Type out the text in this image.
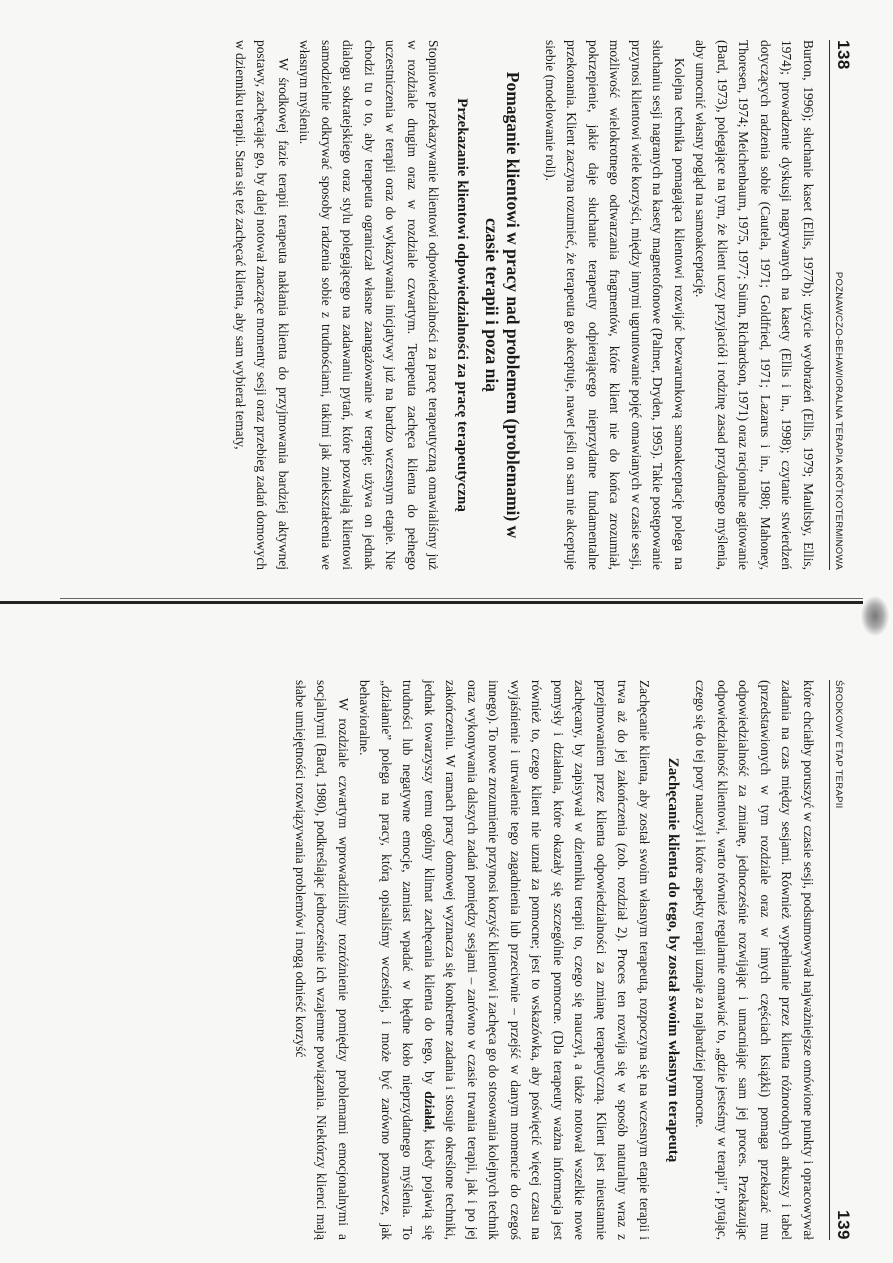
138
POZNAWCZO-BEHAWIORALNA TERAPIA KRÓTKOTERMINOWA

Burton, 1996); słuchanie kaset (Ellis, 1977b); użycie wyobrażeń (Ellis, 1979; Maultsby, Ellis, 1974); prowadzenie dyskusji nagrywanych na kasety (Ellis i in., 1998); czytanie stwierdzeń dotyczących radzenia sobie (Cautela, 1971; Goldfried, 1971; Lazarus i in., 1980; Mahoney, Thoresen, 1974; Meichenbaum, 1975, 1977; Suinn, Richardson, 1971) oraz racjonalne agitowanie (Bard, 1973), polegające na tym, że klient uczy przyjaciół i rodzinę zasad przydatnego myślenia, aby umocnić własny pogląd na samoakceptację.

Kolejna technika pomagająca klientowi rozwijać bezwarunkową samoakceptację polega na słuchaniu sesji nagranych na kasety magnetofonowe (Palmer, Dryden, 1995). Takie postępowanie przynosi klientowi wiele korzyści, między innymi ugruntowanie pojęć omawianych w czasie sesji, możliwość wielokrotnego odtwarzania fragmentów, które klient nie do końca zrozumiał, pokrzepienie, jakie daje słuchanie terapeuty odpierającego nieprzydatne fundamentalne przekonania. Klient zaczyna rozumieć, że terapeuta go akceptuje, nawet jeśli on sam nie akceptuje siebie (modelowanie roli).

Pomaganie klientowi w pracy nad problemem (problemami) w czasie terapii i poza nią
Przekazanie klientowi odpowiedzialności za pracę terapeutyczną

Stopniowe przekazywanie klientowi odpowiedzialności za pracę terapeutyczną omawialiśmy już w rozdziale drugim oraz w rozdziale czwartym. Terapeuta zachęca klienta do pełnego uczestniczenia w terapii oraz do wykazywania inicjatywy już na bardzo wczesnym etapie. Nie chodzi tu o to, aby terapeuta ograniczał własne zaangażowanie w terapię; używa on jednak dialogu sokratejskiego oraz stylu polegającego na zadawaniu pytań, które pozwalają klientowi samodzielnie odkrywać sposoby radzenia sobie z trudnościami, takimi jak zniekształcenia we własnym myśleniu.

W środkowej fazie terapii terapeuta nakłania klienta do przyjmowania bardziej aktywnej postawy, zachęcając go, by dalej notował znaczące momenty sesji oraz przebieg zadań domowych w dzienniku terapii. Stara się też zachęcać klienta, aby sam wybierał tematy,

ŚRODKOWY ETAP TERAPII
139

które chciałby poruszyć w czasie sesji, podsumowywał najważniejsze omówione punkty i opracowywał zadania na czas między sesjami. Również wypełnianie przez klienta różnorodnych arkuszy i tabel (przedstawionych w tym rozdziale oraz w innych częściach książki) pomaga przekazać mu odpowiedzialność za zmianę, jednocześnie rozwijając i umacniając sam jej proces. Przekazując odpowiedzialność klientowi, warto również regularnie omawiać to, „gdzie jesteśmy w terapii”, pytając, czego się do tej pory nauczył i które aspekty terapii uznaje za najbardziej pomocne.

Zachęcanie klienta do tego, by został swoim własnym terapeutą

Zachęcanie klienta, aby został swoim własnym terapeutą, rozpoczyna się na wczesnym etapie terapii i trwa aż do jej zakończenia (zob. rozdział 2). Proces ten rozwija się w sposób naturalny wraz z przejmowaniem przez klienta odpowiedzialności za zmianę terapeutyczną. Klient jest nieustannie zachęcany, by zapisywał w dzienniku terapii to, czego się nauczył, a także notował wszelkie nowe pomysły i działania, które okazały się szczególnie pomocne. (Dla terapeuty ważna informacja jest również to, czego klient nie uznał za pomocne; jest to wskazówka, aby poświęcić więcej czasu na wyjaśnienie i utrwalenie tego zagadnienia lub przeciwnie – przejść w danym momencie do czegoś innego). To nowe zrozumienie przynosi korzyść klientowi i zachęca go do stosowania kolejnych technik oraz wykonywania dalszych zadań pomiędzy sesjami – zarówno w czasie trwania terapii, jak i po jej zakończeniu. W ramach pracy domowej wyznacza się konkretne zadania i stosuje określone techniki, jednak towarzyszy temu ogólny klimat zachęcania klienta do tego, by działał, kiedy pojawią się trudności lub negatywne emocje, zamiast wpadać w błędne koło nieprzydatnego myślenia. To „działanie” polega na pracy, którą opisaliśmy wcześniej, i może być zarówno poznawcze, jak behawioralne.

W rozdziale czwartym wprowadziliśmy rozróżnienie pomiędzy problemami emocjonalnymi a socjalnymi (Bard, 1980), podkreślając jednocześnie ich wzajemne powiązania. Niektórzy klienci mają słabe umiejętności rozwiązywania problemów i mogą odnieść korzyść
